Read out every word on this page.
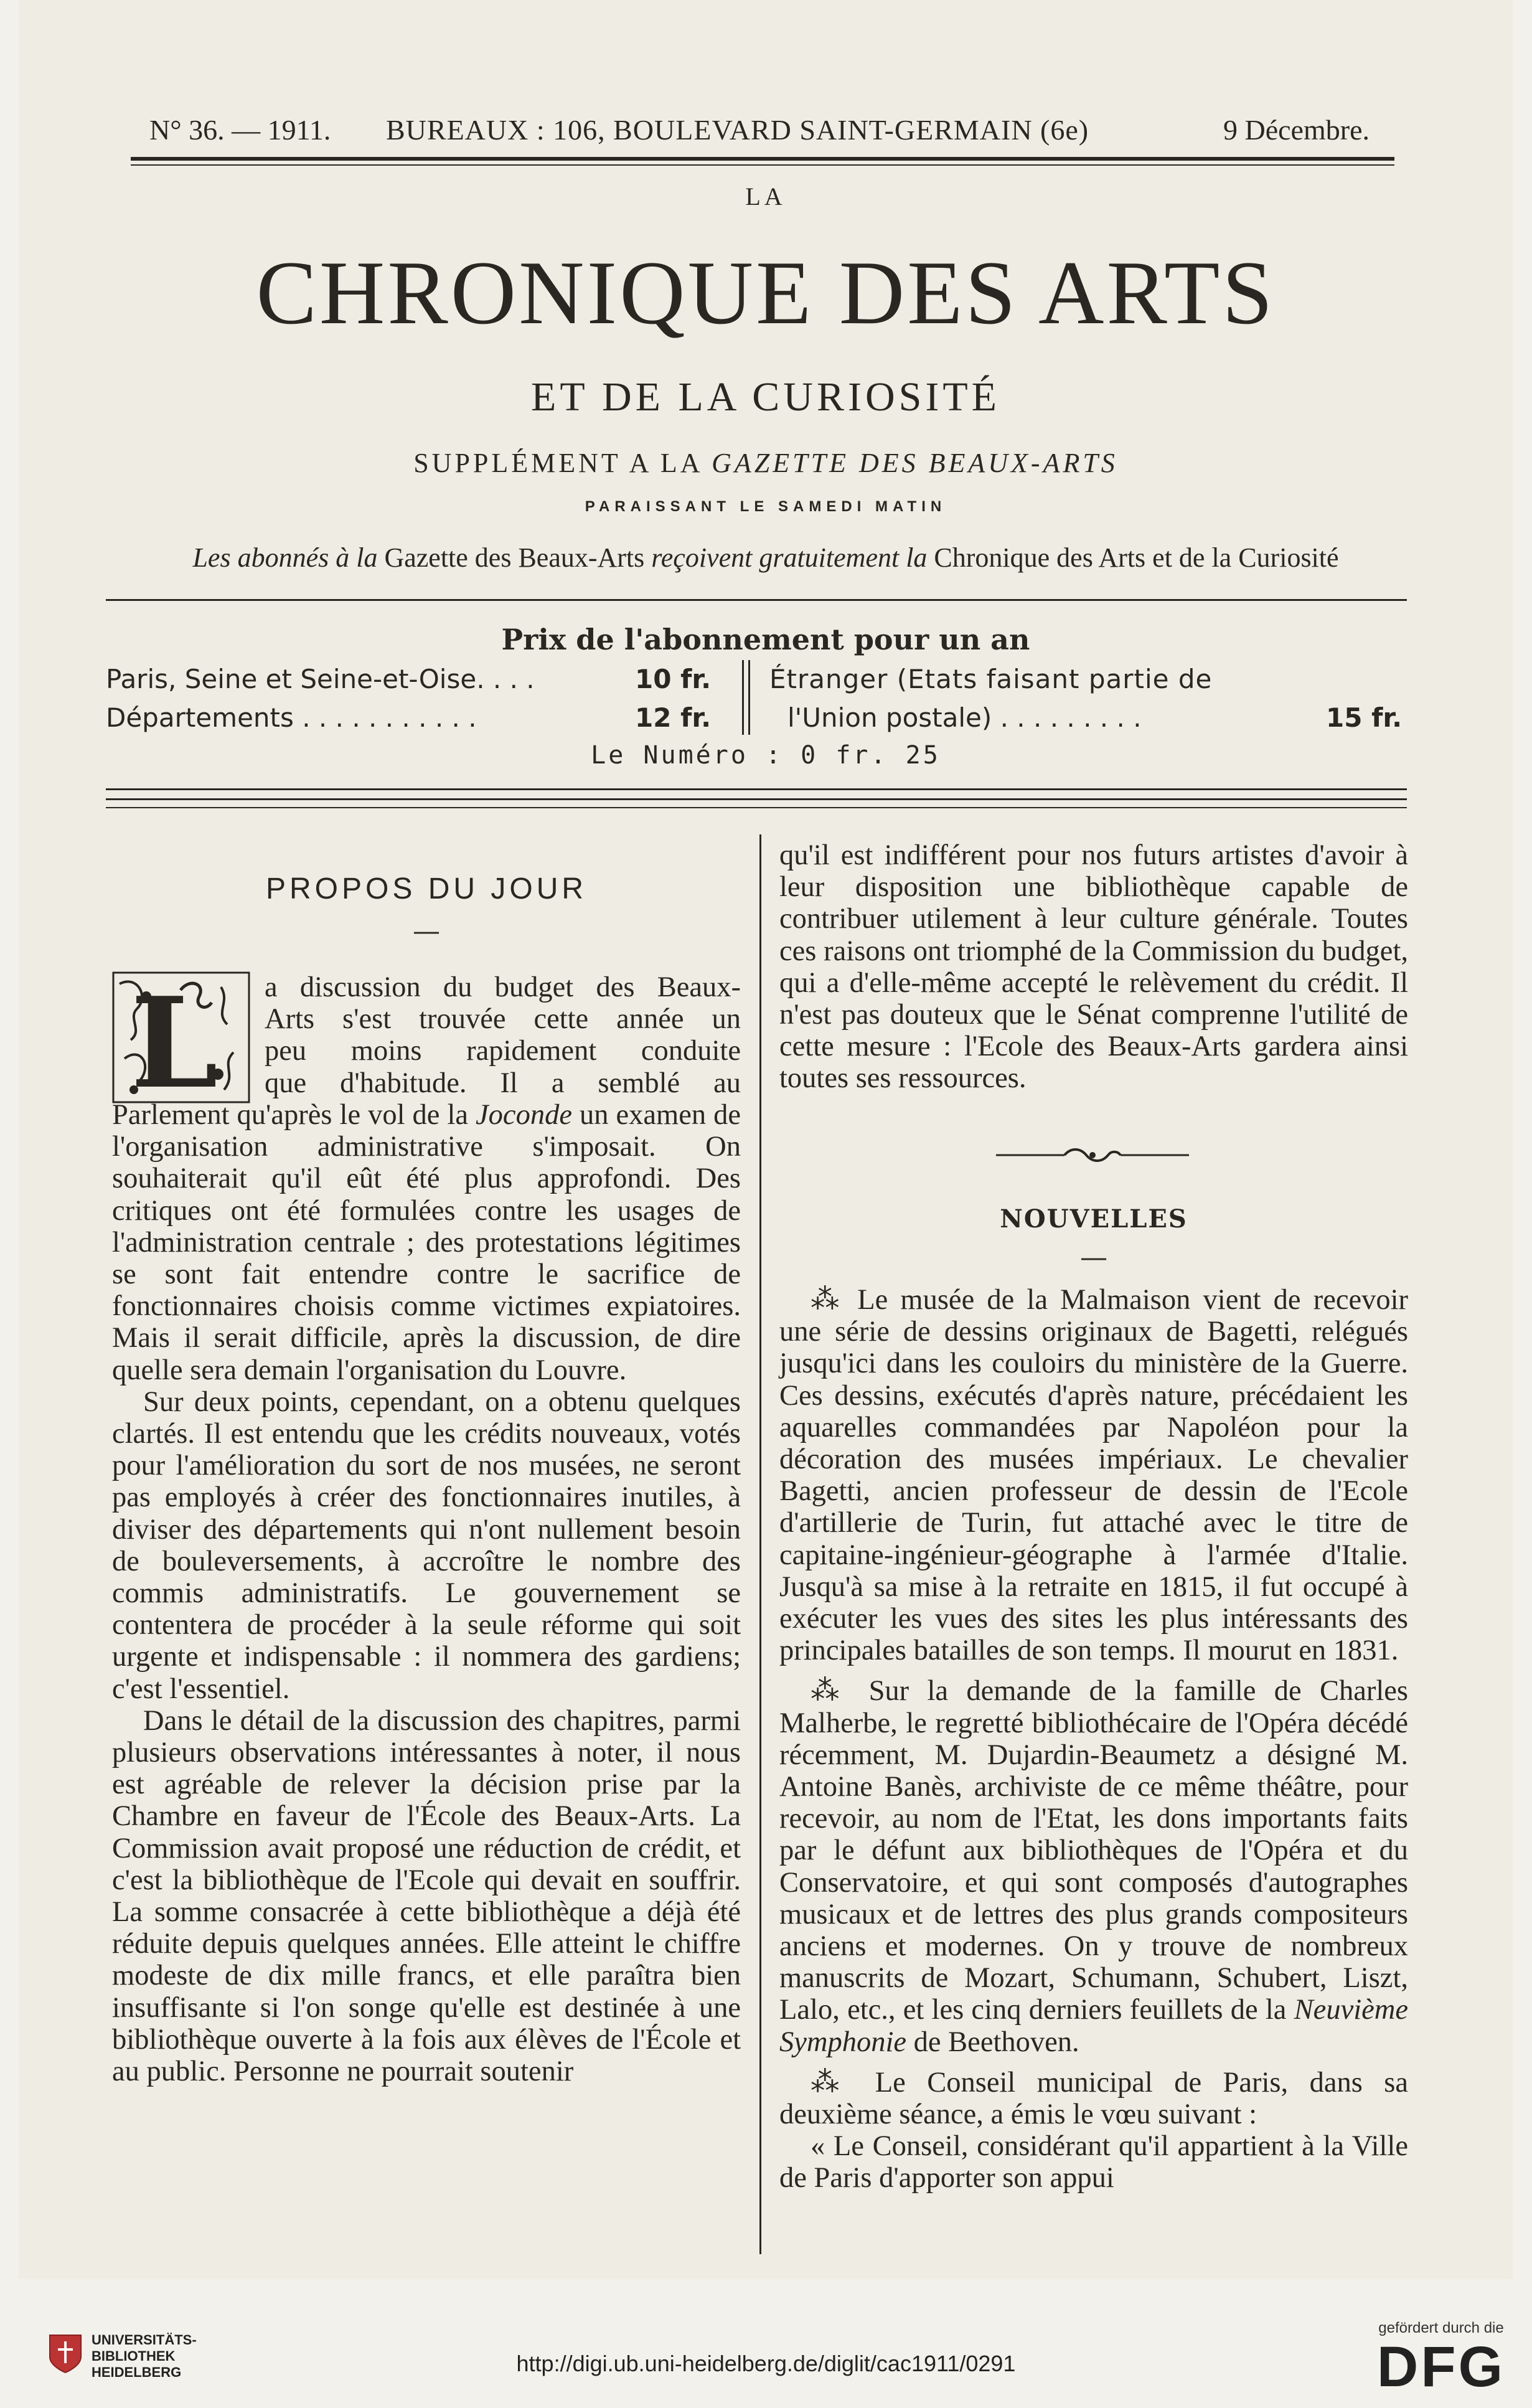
N° 36. — 1911. BUREAUX : 106, BOULEVARD SAINT-GERMAIN (6e)	9 Décembre.
LA
CHRONIQUE DES ARTS
ET DE LA CURIOSITÉ
SUPPLÉMENT A LA GAZETTE DES BEAUX-ARTS
PARAISSANT LE SAMEDI MATIN
Les abonnés à la Gazette des Beaux-Arts reçoivent gratuitement la Chronique des Arts et de la Curiosité
Prix de l'abonnement pour un an
Paris, Seine et Seine-et-Oise. . . .	10 fr.
Départements . . . . . . . . . . .	12 fr.
Étranger (Etats faisant partie de
l'Union postale) . . . . . . . . .	15 fr.
Le Numéro : 0 fr. 25
PROPOS DU JOUR
—
L a discussion du budget des Beaux-
Arts s'est trouvée cette année un
peu moins rapidement conduite
que d'habitude. Il a semblé au

Parlement qu'après le vol de la Joconde un examen de l'organisation administrative s'imposait. On souhaiterait qu'il eût été plus approfondi. Des critiques ont été formulées contre les usages de l'administration centrale ; des protestations légitimes se sont fait entendre contre le sacrifice de fonctionnaires choisis comme victimes expiatoires. Mais il serait difficile, après la discussion, de dire quelle sera demain l'organisation du Louvre.

Sur deux points, cependant, on a obtenu quelques clartés. Il est entendu que les crédits nouveaux, votés pour l'amélioration du sort de nos musées, ne seront pas employés à créer des fonctionnaires inutiles, à diviser des départements qui n'ont nullement besoin de bouleversements, à accroître le nombre des commis administratifs. Le gouvernement se contentera de procéder à la seule réforme qui soit urgente et indispensable : il nommera des gardiens; c'est l'essentiel.

Dans le détail de la discussion des chapitres, parmi plusieurs observations intéressantes à noter, il nous est agréable de relever la décision prise par la Chambre en faveur de l'École des Beaux-Arts. La Commission avait proposé une réduction de crédit, et c'est la bibliothèque de l'Ecole qui devait en souffrir. La somme consacrée à cette bibliothèque a déjà été réduite depuis quelques années. Elle atteint le chiffre modeste de dix mille francs, et elle paraîtra bien insuffisante si l'on songe qu'elle est destinée à une bibliothèque ouverte à la fois aux élèves de l'École et au public. Personne ne pourrait soutenir

qu'il est indifférent pour nos futurs artistes d'avoir à leur disposition une bibliothèque capable de contribuer utilement à leur culture générale. Toutes ces raisons ont triomphé de la Commission du budget, qui a d'elle-même accepté le relèvement du crédit. Il n'est pas douteux que le Sénat comprenne l'utilité de cette mesure : l'Ecole des Beaux-Arts gardera ainsi toutes ses ressources.

NOUVELLES
—

⁂ Le musée de la Malmaison vient de recevoir une série de dessins originaux de Bagetti, relégués jusqu'ici dans les couloirs du ministère de la Guerre. Ces dessins, exécutés d'après nature, précédaient les aquarelles commandées par Napoléon pour la décoration des musées impériaux. Le chevalier Bagetti, ancien professeur de dessin de l'Ecole d'artillerie de Turin, fut attaché avec le titre de capitaine-ingénieur-géographe à l'armée d'Italie. Jusqu'à sa mise à la retraite en 1815, il fut occupé à exécuter les vues des sites les plus intéressants des principales batailles de son temps. Il mourut en 1831.

⁂ Sur la demande de la famille de Charles Malherbe, le regretté bibliothécaire de l'Opéra décédé récemment, M. Dujardin-Beaumetz a désigné M. Antoine Banès, archiviste de ce même théâtre, pour recevoir, au nom de l'Etat, les dons importants faits par le défunt aux bibliothèques de l'Opéra et du Conservatoire, et qui sont composés d'autographes musicaux et de lettres des plus grands compositeurs anciens et modernes. On y trouve de nombreux manuscrits de Mozart, Schumann, Schubert, Liszt, Lalo, etc., et les cinq derniers feuillets de la Neuvième Symphonie de Beethoven.

⁂ Le Conseil municipal de Paris, dans sa deuxième séance, a émis le vœu suivant :

« Le Conseil, considérant qu'il appartient à la Ville de Paris d'apporter son appui

UNIVERSITÄTS-
BIBLIOTHEK
HEIDELBERG	http://digi.ub.uni-heidelberg.de/diglit/cac1911/0291
gefördert durch die
DFG
